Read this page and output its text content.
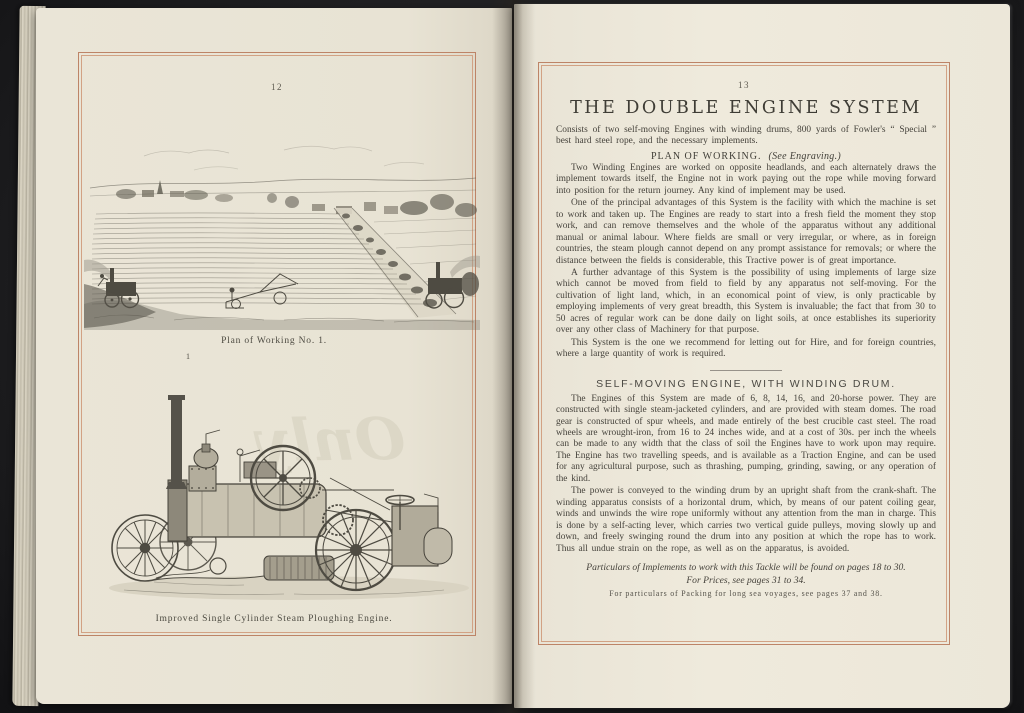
12
Only
Plan of Working No. 1.
1
Improved Single Cylinder Steam Ploughing Engine.
13
THE DOUBLE ENGINE SYSTEM

Consists of two self-moving Engines with winding drums, 800 yards of Fowler's “ Special ” best hard steel rope, and the necessary implements.

PLAN OF WORKING. (See Engraving.)

Two Winding Engines are worked on opposite headlands, and each alternately draws the implement towards itself, the Engine not in work paying out the rope while moving forward into position for the return journey. Any kind of implement may be used.

One of the principal advantages of this System is the facility with which the machine is set to work and taken up. The Engines are ready to start into a fresh field the moment they stop work, and can remove themselves and the whole of the apparatus without any additional manual or animal labour. Where fields are small or very irregular, or where, as in foreign countries, the steam plough cannot depend on any prompt assistance for removals; or where the distance between the fields is considerable, this Tractive power is of great importance.

A further advantage of this System is the possibility of using implements of large size which cannot be moved from field to field by any apparatus not self-moving. For the cultivation of light land, which, in an economical point of view, is only practicable by employing implements of very great breadth, this System is invaluable; the fact that from 30 to 50 acres of regular work can be done daily on light soils, at once establishes its superiority over any other class of Machinery for that purpose.

This System is the one we recommend for letting out for Hire, and for foreign countries, where a large quantity of work is required.

SELF-MOVING ENGINE, WITH WINDING DRUM.

The Engines of this System are made of 6, 8, 14, 16, and 20-horse power. They are constructed with single steam-jacketed cylinders, and are provided with steam domes. The road gear is constructed of spur wheels, and made entirely of the best crucible cast steel. The road wheels are wrought-iron, from 16 to 24 inches wide, and at a cost of 30s. per inch the wheels can be made to any width that the class of soil the Engines have to work upon may require. The Engine has two travelling speeds, and is available as a Traction Engine, and can be used for any agricultural purpose, such as thrashing, pumping, grinding, sawing, or any operation of the kind.

The power is conveyed to the winding drum by an upright shaft from the crank-shaft. The winding apparatus consists of a horizontal drum, which, by means of our patent coiling gear, winds and unwinds the wire rope uniformly without any attention from the man in charge. This is done by a self-acting lever, which carries two vertical guide pulleys, moving slowly up and down, and freely swinging round the drum into any position at which the rope has to work. Thus all undue strain on the rope, as well as on the apparatus, is avoided.

Particulars of Implements to work with this Tackle will be found on pages 18 to 30.
For Prices, see pages 31 to 34.
For particulars of Packing for long sea voyages, see pages 37 and 38.
